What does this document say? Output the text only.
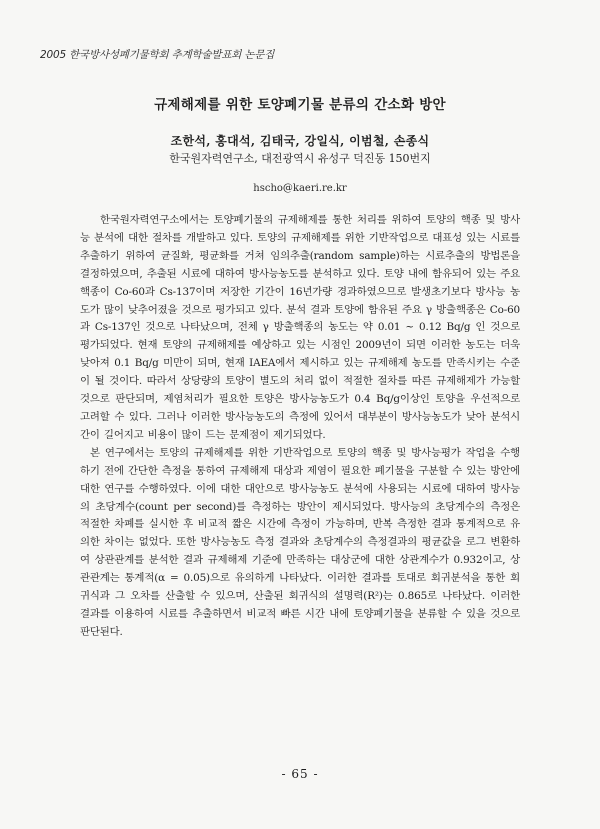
2005 한국방사성폐기물학회 추계학술발표회 논문집
규제해제를 위한 토양폐기물 분류의 간소화 방안
조한석, 홍대석, 김태국, 강일식, 이범철, 손종식
한국원자력연구소, 대전광역시 유성구 덕진동 150번지
hscho@kaeri.re.kr

한국원자력연구소에서는 토양폐기물의 규제해제를 통한 처리를 위하여 토양의 핵종 및 방사능 분석에 대한 절차를 개발하고 있다. 토양의 규제해제를 위한 기반작업으로 대표성 있는 시료를 추출하기 위하여 균질화, 평균화를 거쳐 임의추출(random sample)하는 시료추출의 방법론을 결정하였으며, 추출된 시료에 대하여 방사능농도를 분석하고 있다. 토양 내에 함유되어 있는 주요 핵종이 Co-60과 Cs-137이며 저장한 기간이 16년가량 경과하였으므로 발생초기보다 방사능 농도가 많이 낮추어졌을 것으로 평가되고 있다. 분석 결과 토양에 함유된 주요 γ 방출핵종은 Co-60과 Cs-137인 것으로 나타났으며, 전체 γ 방출핵종의 농도는 약 0.01 ~ 0.12 Bq/g 인 것으로 평가되었다. 현재 토양의 규제해제를 예상하고 있는 시점인 2009년이 되면 이러한 농도는 더욱 낮아져 0.1 Bq/g 미만이 되며, 현재 IAEA에서 제시하고 있는 규제해제 농도를 만족시키는 수준이 될 것이다. 따라서 상당량의 토양이 별도의 처리 없이 적절한 절차를 따른 규제해제가 가능할 것으로 판단되며, 제염처리가 필요한 토양은 방사능농도가 0.4 Bq/g이상인 토양을 우선적으로 고려할 수 있다. 그러나 이러한 방사능농도의 측정에 있어서 대부분이 방사능농도가 낮아 분석시간이 길어지고 비용이 많이 드는 문제점이 제기되었다.

본 연구에서는 토양의 규제해제를 위한 기반작업으로 토양의 핵종 및 방사능평가 작업을 수행하기 전에 간단한 측정을 통하여 규제해제 대상과 제염이 필요한 폐기물을 구분할 수 있는 방안에 대한 연구를 수행하였다. 이에 대한 대안으로 방사능농도 분석에 사용되는 시료에 대하여 방사능의 초당계수(count per second)를 측정하는 방안이 제시되었다. 방사능의 초당계수의 측정은 적절한 차폐를 실시한 후 비교적 짧은 시간에 측정이 가능하며, 반복 측정한 결과 통계적으로 유의한 차이는 없었다. 또한 방사능농도 측정 결과와 초당계수의 측정결과의 평균값을 로그 변환하여 상관관계를 분석한 결과 규제해제 기준에 만족하는 대상군에 대한 상관계수가 0.932이고, 상관관계는 통계적(α = 0.05)으로 유의하게 나타났다. 이러한 결과를 토대로 회귀분석을 통한 회귀식과 그 오차를 산출할 수 있으며, 산출된 회귀식의 설명력(R²)는 0.865로 나타났다. 이러한 결과를 이용하여 시료를 추출하면서 비교적 빠른 시간 내에 토양폐기물을 분류할 수 있을 것으로 판단된다.

- 65 -
